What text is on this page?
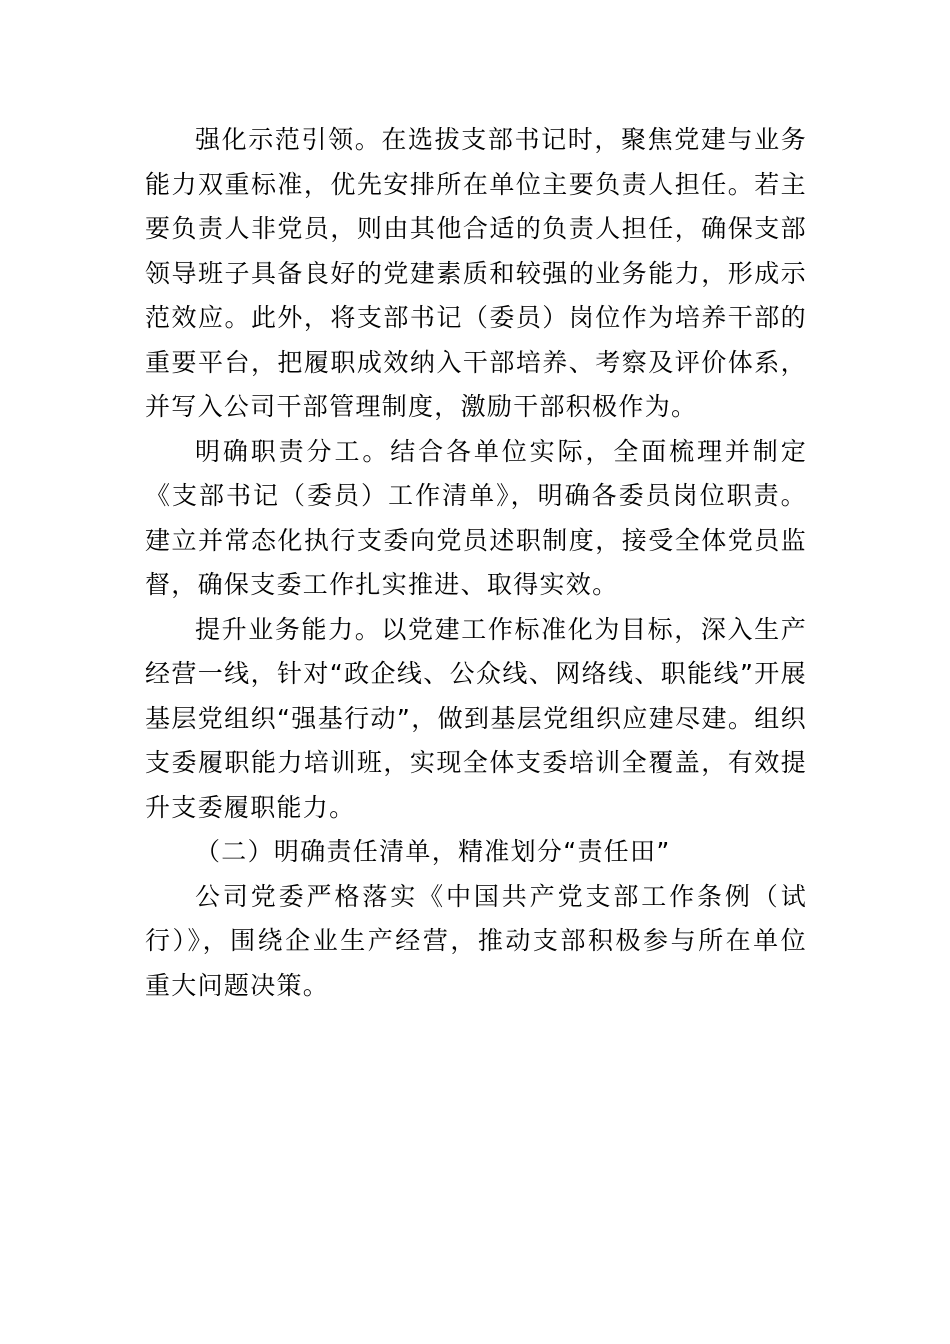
强化示范引领。在选拔支部书记时，聚焦党建与业务
能力双重标准，优先安排所在单位主要负责人担任。若主
要负责人非党员，则由其他合适的负责人担任，确保支部
领导班子具备良好的党建素质和较强的业务能力，形成示
范效应。此外，将支部书记（委员）岗位作为培养干部的
重要平台，把履职成效纳入干部培养、考察及评价体系，
并写入公司干部管理制度，激励干部积极作为。
明确职责分工。结合各单位实际，全面梳理并制定
《支部书记（委员）工作清单》，明确各委员岗位职责。
建立并常态化执行支委向党员述职制度，接受全体党员监
督，确保支委工作扎实推进、取得实效。
提升业务能力。以党建工作标准化为目标，深入生产
经营一线，针对“政企线、公众线、网络线、职能线”开展
基层党组织“强基行动”，做到基层党组织应建尽建。组织
支委履职能力培训班，实现全体支委培训全覆盖，有效提
升支委履职能力。
（二）明确责任清单，精准划分“责任田”
公司党委严格落实《中国共产党支部工作条例（试
行）》，围绕企业生产经营，推动支部积极参与所在单位
重大问题决策。
